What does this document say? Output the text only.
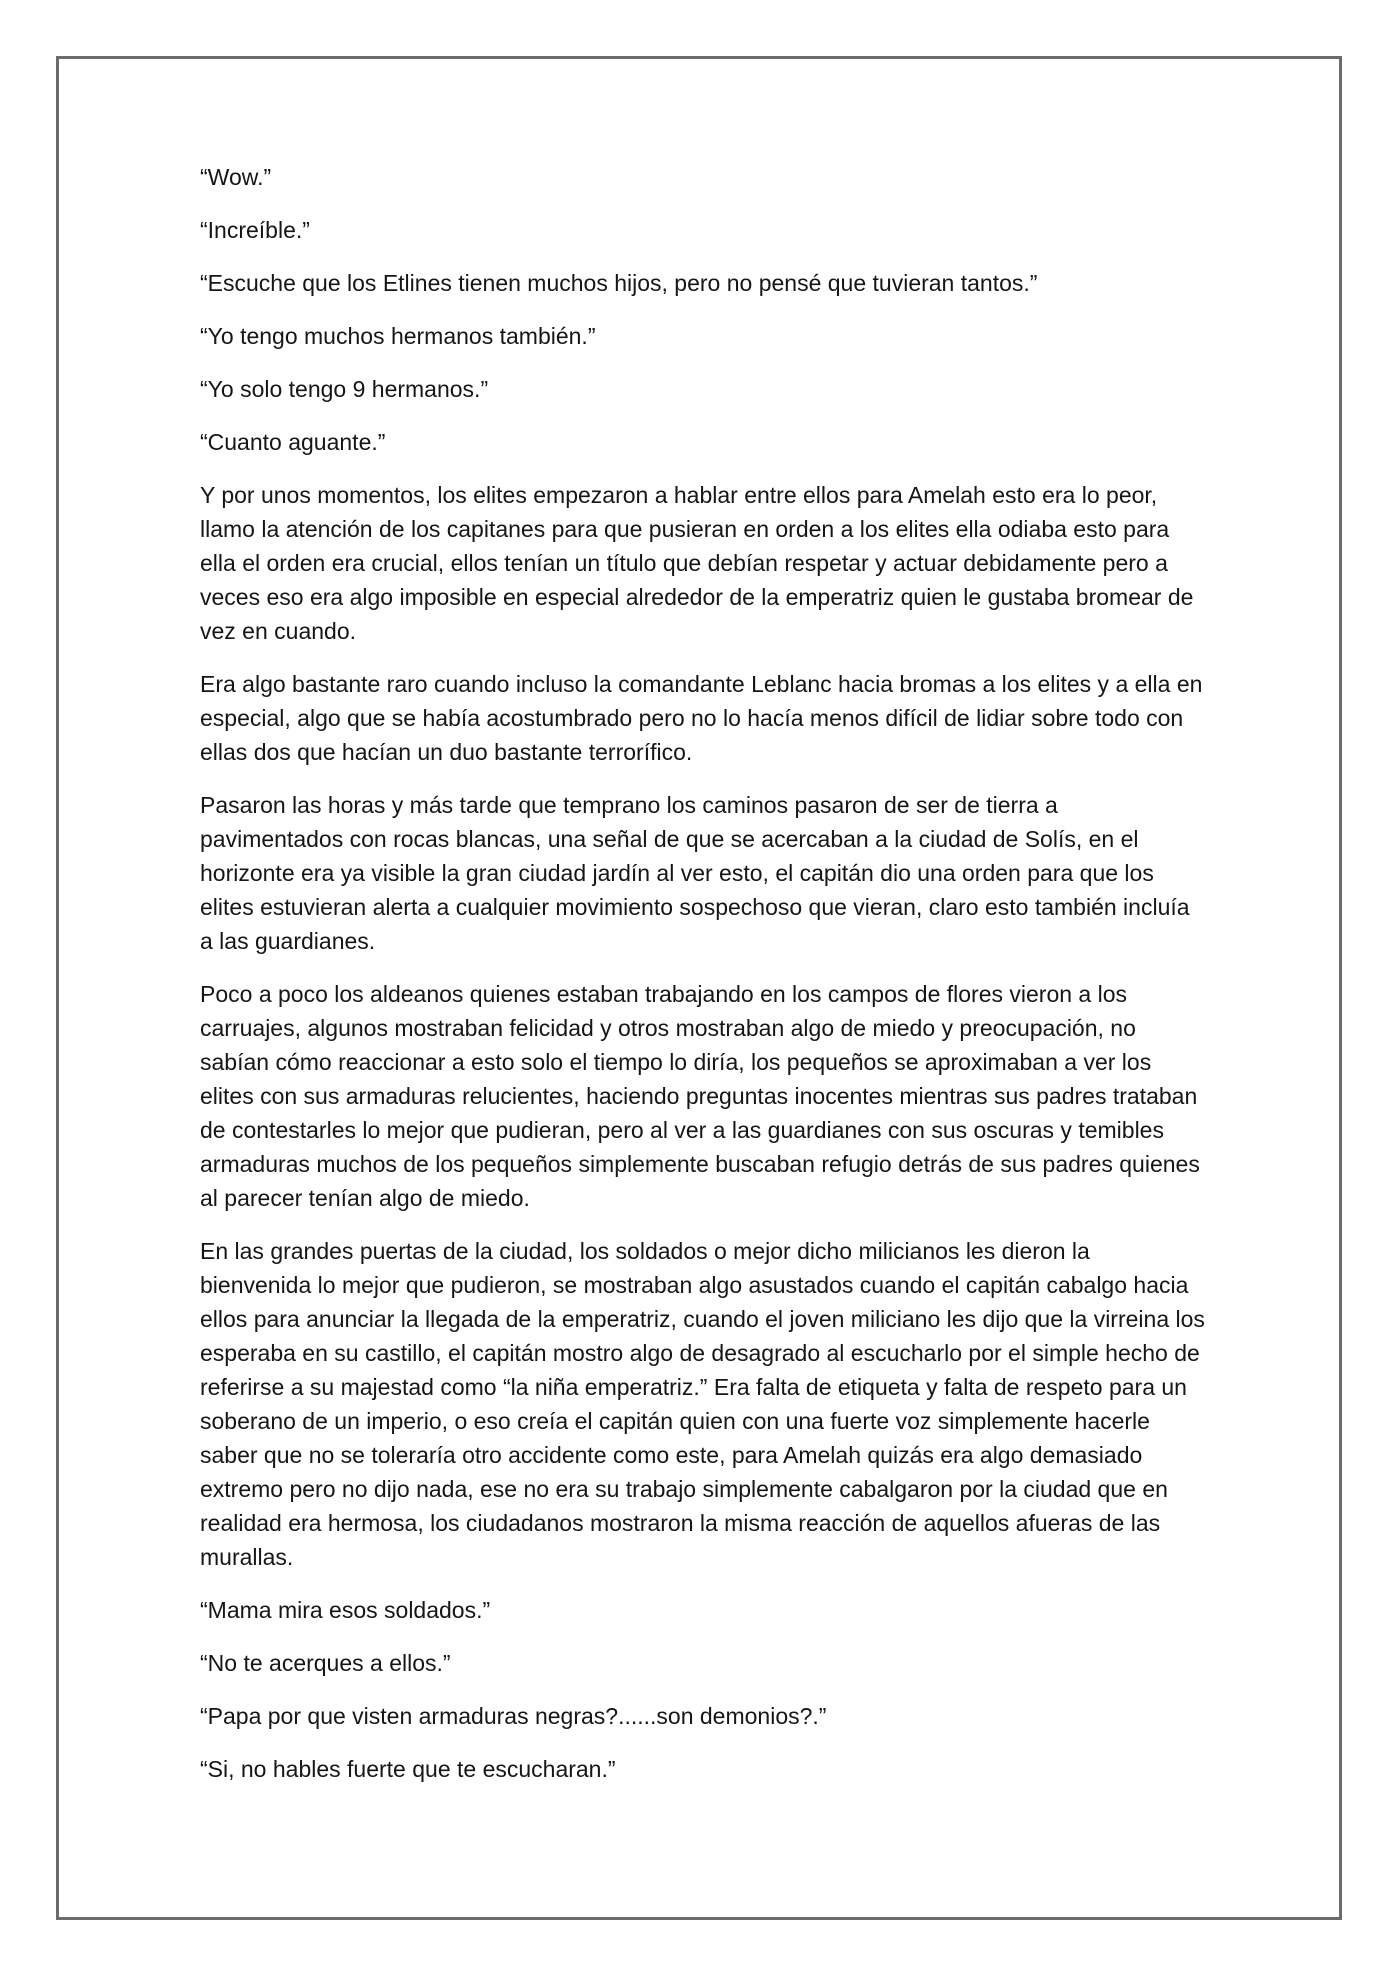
“Wow.”

“Increíble.”

“Escuche que los Etlines tienen muchos hijos, pero no pensé que tuvieran tantos.”

“Yo tengo muchos hermanos también.”

“Yo solo tengo 9 hermanos.”

“Cuanto aguante.”

Y por unos momentos, los elites empezaron a hablar entre ellos para Amelah esto era lo peor, llamo la atención de los capitanes para que pusieran en orden a los elites ella odiaba esto para ella el orden era crucial, ellos tenían un título que debían respetar y actuar debidamente pero a veces eso era algo imposible en especial alrededor de la emperatriz quien le gustaba bromear de vez en cuando.

Era algo bastante raro cuando incluso la comandante Leblanc hacia bromas a los elites y a ella en especial, algo que se había acostumbrado pero no lo hacía menos difícil de lidiar sobre todo con ellas dos que hacían un duo bastante terrorífico.

Pasaron las horas y más tarde que temprano los caminos pasaron de ser de tierra a pavimentados con rocas blancas, una señal de que se acercaban a la ciudad de Solís, en el horizonte era ya visible la gran ciudad jardín al ver esto, el capitán dio una orden para que los elites estuvieran alerta a cualquier movimiento sospechoso que vieran, claro esto también incluía a las guardianes.

Poco a poco los aldeanos quienes estaban trabajando en los campos de flores vieron a los carruajes, algunos mostraban felicidad y otros mostraban algo de miedo y preocupación, no sabían cómo reaccionar a esto solo el tiempo lo diría, los pequeños se aproximaban a ver los elites con sus armaduras relucientes, haciendo preguntas inocentes mientras sus padres trataban de contestarles lo mejor que pudieran, pero al ver a las guardianes con sus oscuras y temibles armaduras muchos de los pequeños simplemente buscaban refugio detrás de sus padres quienes al parecer tenían algo de miedo.

En las grandes puertas de la ciudad, los soldados o mejor dicho milicianos les dieron la bienvenida lo mejor que pudieron, se mostraban algo asustados cuando el capitán cabalgo hacia ellos para anunciar la llegada de la emperatriz, cuando el joven miliciano les dijo que la virreina los esperaba en su castillo, el capitán mostro algo de desagrado al escucharlo por el simple hecho de referirse a su majestad como “la niña emperatriz.” Era falta de etiqueta y falta de respeto para un soberano de un imperio, o eso creía el capitán quien con una fuerte voz simplemente hacerle saber que no se toleraría otro accidente como este, para Amelah quizás era algo demasiado extremo pero no dijo nada, ese no era su trabajo simplemente cabalgaron por la ciudad que en realidad era hermosa, los ciudadanos mostraron la misma reacción de aquellos afueras de las murallas.

“Mama mira esos soldados.”

“No te acerques a ellos.”

“Papa por que visten armaduras negras?......son demonios?.”

“Si, no hables fuerte que te escucharan.”
